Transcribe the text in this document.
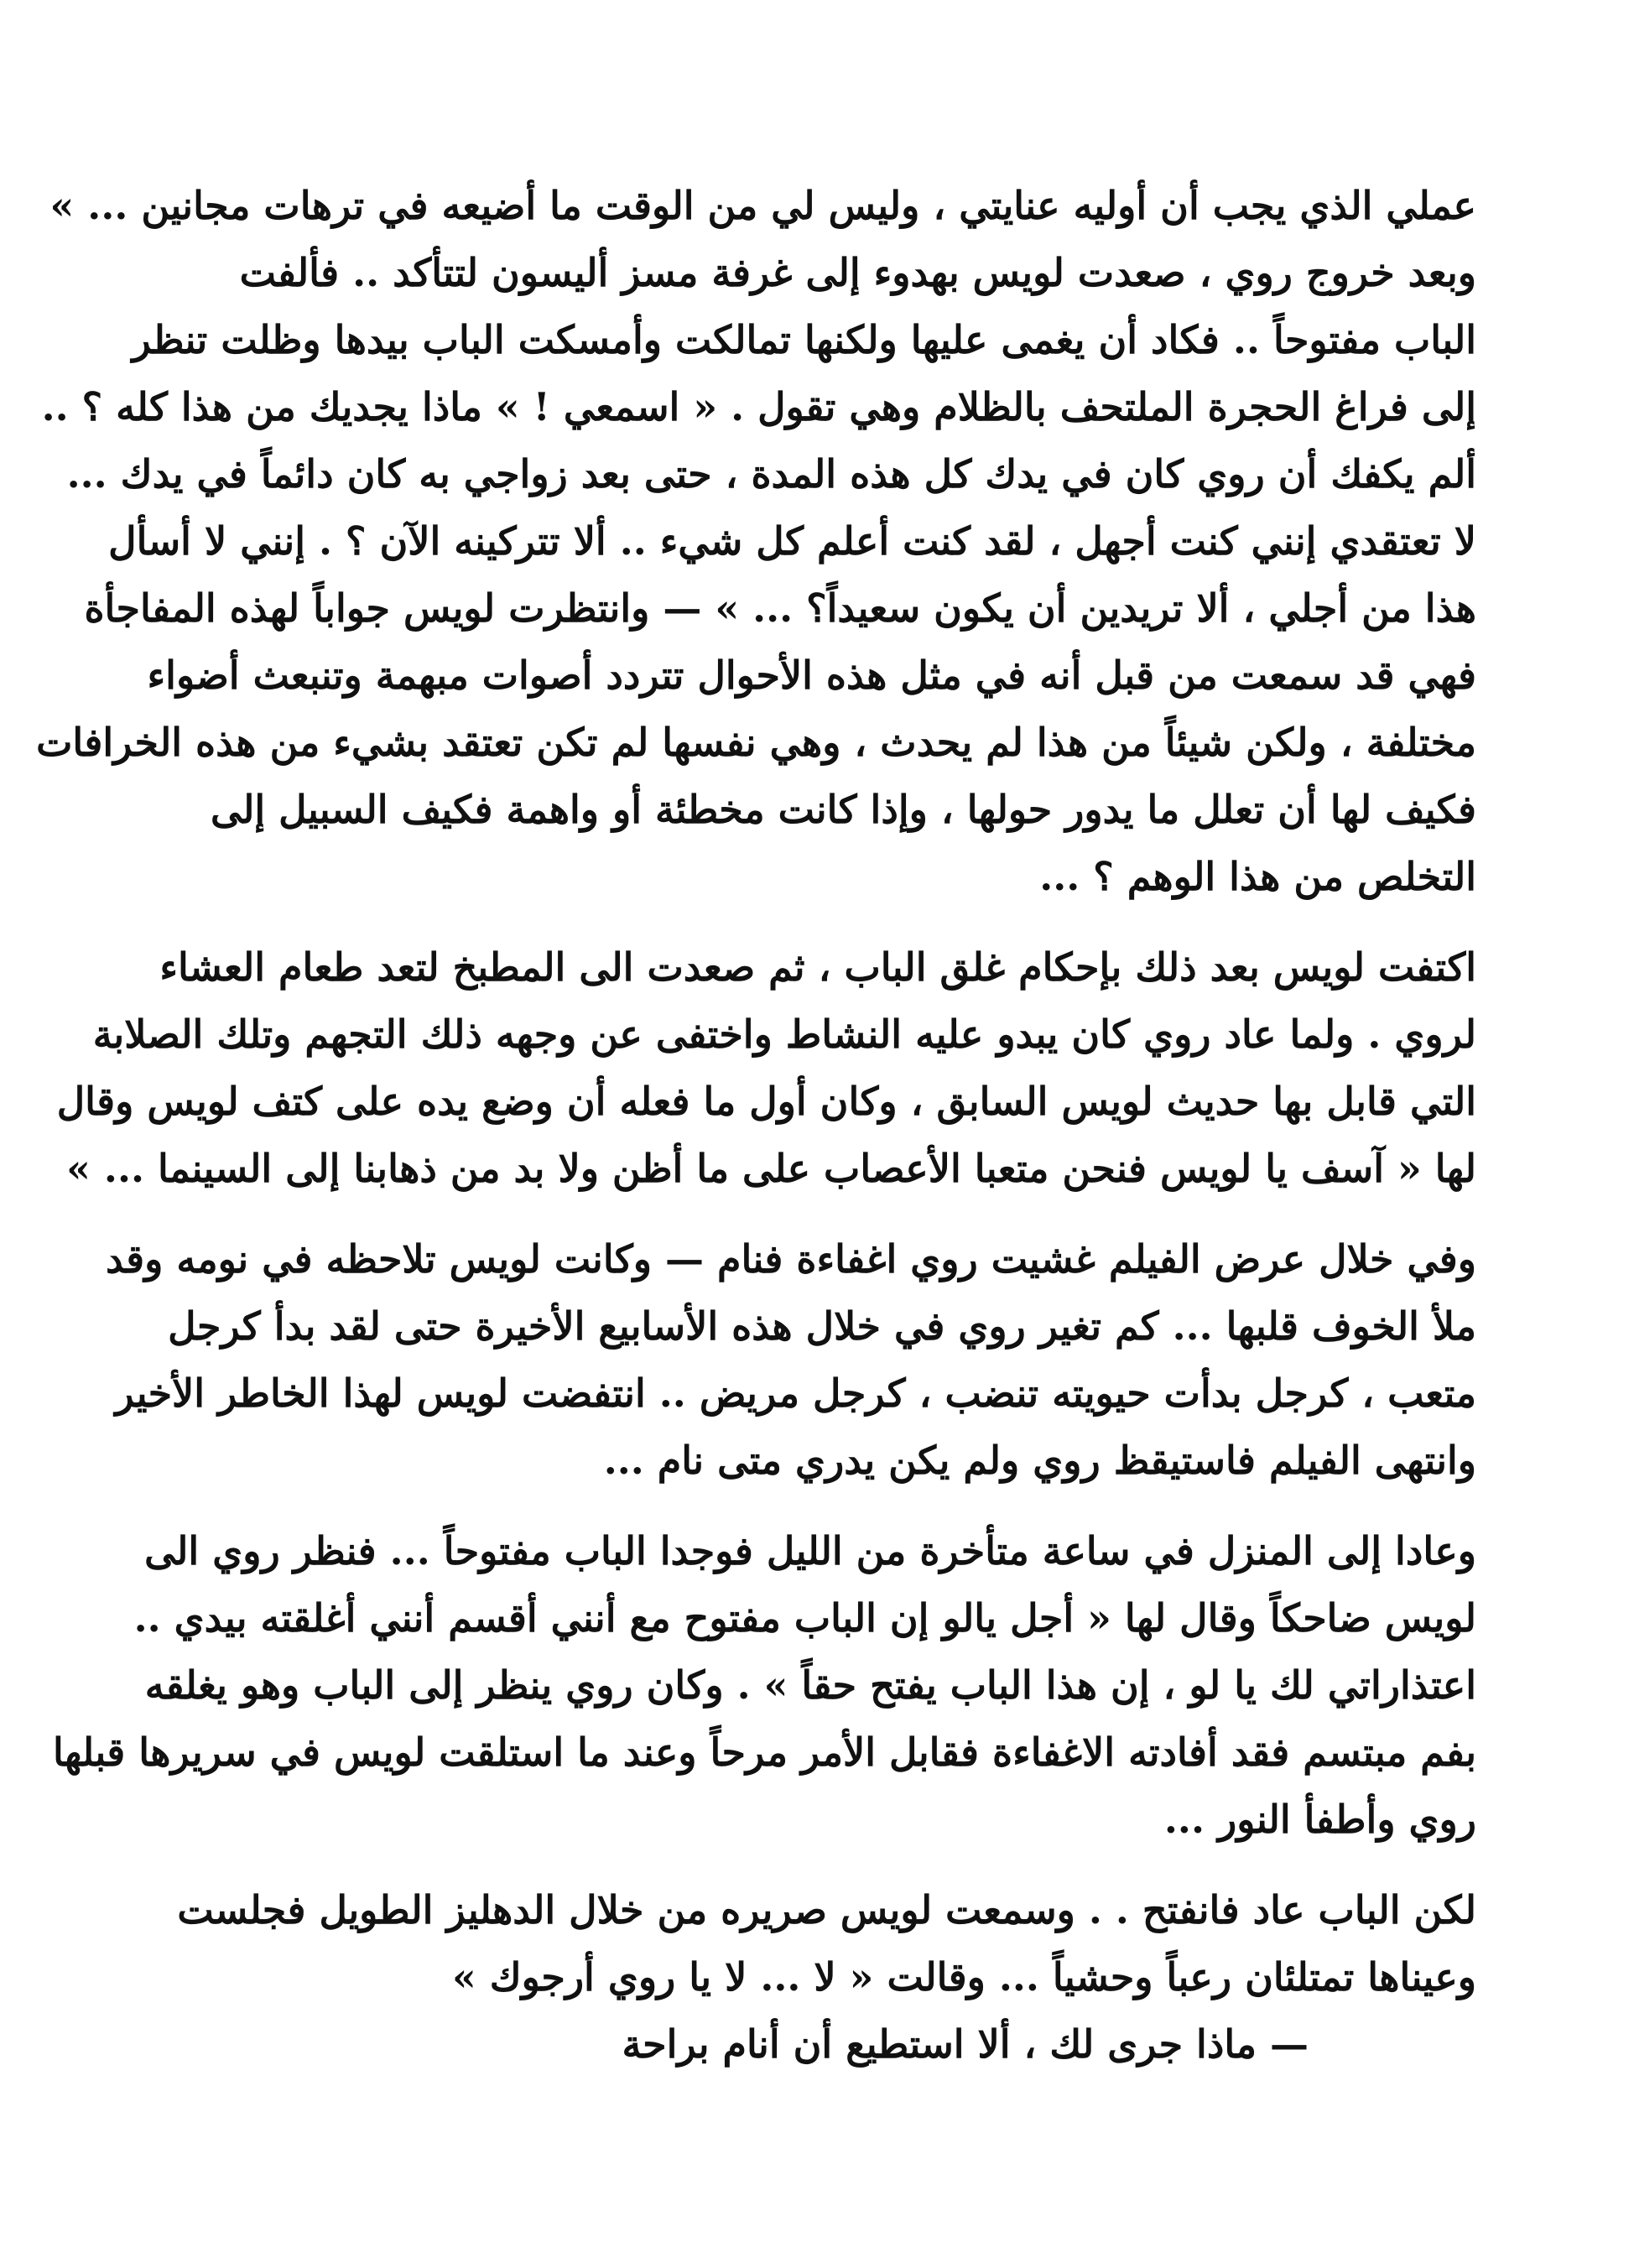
عملي الذي يجب أن أوليه عنايتي ، وليس لي من الوقت ما أضيعه في ترهات مجانين ... »
وبعد خروج روي ، صعدت لويس بهدوء إلى غرفة مسز أليسون لتتأكد .. فألفت
الباب مفتوحاً .. فكاد أن يغمى عليها ولكنها تمالكت وأمسكت الباب بيدها وظلت تنظر
إلى فراغ الحجرة الملتحف بالظلام وهي تقول . « اسمعي ! » ماذا يجديك من هذا كله ؟ ..
ألم يكفك أن روي كان في يدك كل هذه المدة ، حتى بعد زواجي به كان دائماً في يدك ...
لا تعتقدي إنني كنت أجهل ، لقد كنت أعلم كل شيء .. ألا تتركينه الآن ؟ . إنني لا أسأل
هذا من أجلي ، ألا تريدين أن يكون سعيداً؟ ... » — وانتظرت لويس جواباً لهذه المفاجأة
فهي قد سمعت من قبل أنه في مثل هذه الأحوال تتردد أصوات مبهمة وتنبعث أضواء
مختلفة ، ولكن شيئاً من هذا لم يحدث ، وهي نفسها لم تكن تعتقد بشيء من هذه الخرافات
فكيف لها أن تعلل ما يدور حولها ، وإذا كانت مخطئة أو واهمة فكيف السبيل إلى
التخلص من هذا الوهم ؟ ...
اكتفت لويس بعد ذلك بإحكام غلق الباب ، ثم صعدت الى المطبخ لتعد طعام العشاء
لروي . ولما عاد روي كان يبدو عليه النشاط واختفى عن وجهه ذلك التجهم وتلك الصلابة
التي قابل بها حديث لويس السابق ، وكان أول ما فعله أن وضع يده على كتف لويس وقال
لها « آسف يا لويس فنحن متعبا الأعصاب على ما أظن ولا بد من ذهابنا إلى السينما ... »
وفي خلال عرض الفيلم غشيت روي اغفاءة فنام — وكانت لويس تلاحظه في نومه وقد
ملأ الخوف قلبها ... كم تغير روي في خلال هذه الأسابيع الأخيرة حتى لقد بدأ كرجل
متعب ، كرجل بدأت حيويته تنضب ، كرجل مريض .. انتفضت لويس لهذا الخاطر الأخير
وانتهى الفيلم فاستيقظ روي ولم يكن يدري متى نام ...
وعادا إلى المنزل في ساعة متأخرة من الليل فوجدا الباب مفتوحاً ... فنظر روي الى
لويس ضاحكاً وقال لها « أجل يالو إن الباب مفتوح مع أنني أقسم أنني أغلقته بيدي ..
اعتذاراتي لك يا لو ، إن هذا الباب يفتح حقاً » . وكان روي ينظر إلى الباب وهو يغلقه
بفم مبتسم فقد أفادته الاغفاءة فقابل الأمر مرحاً وعند ما استلقت لويس في سريرها قبلها
روي وأطفأ النور ...
لكن الباب عاد فانفتح . . وسمعت لويس صريره من خلال الدهليز الطويل فجلست
وعيناها تمتلئان رعباً وحشياً ... وقالت « لا ... لا يا روي أرجوك »
— ماذا جرى لك ، ألا استطيع أن أنام براحة
